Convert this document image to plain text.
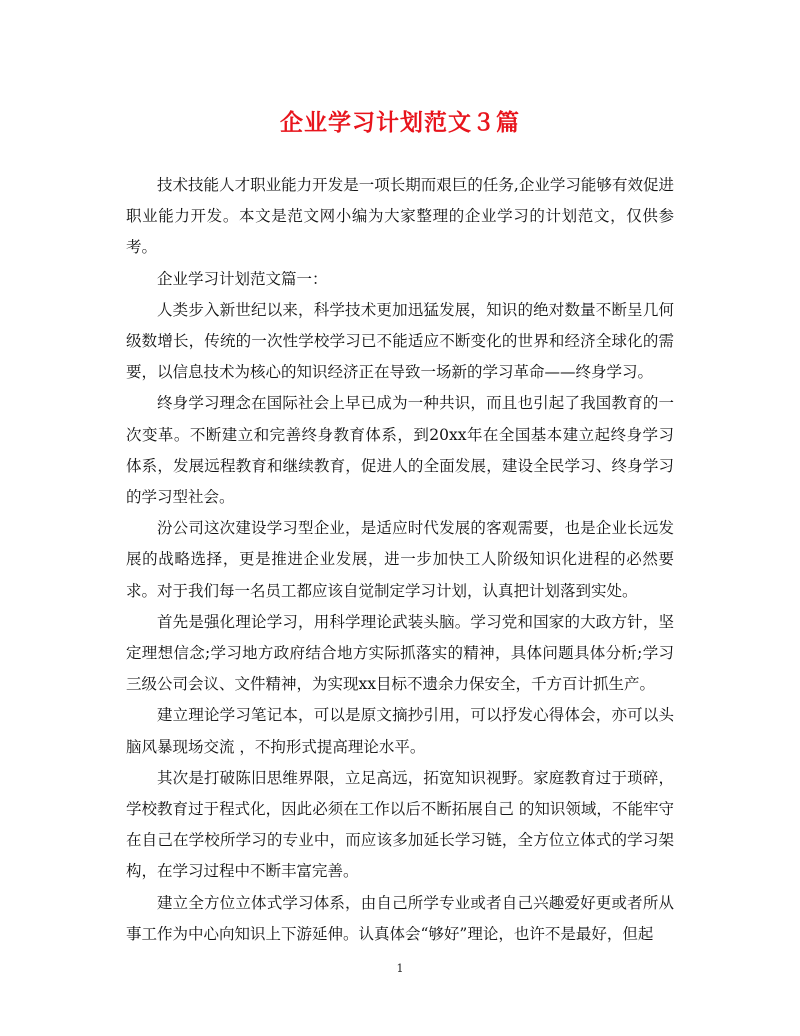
企业学习计划范文３篇

技术技能人才职业能力开发是一项长期而艰巨的任务,企业学习能够有效促进职业能力开发。本文是范文网小编为大家整理的企业学习的计划范文，仅供参考。

企业学习计划范文篇一：

人类步入新世纪以来，科学技术更加迅猛发展，知识的绝对数量不断呈几何级数增长，传统的一次性学校学习已不能适应不断变化的世界和经济全球化的需要，以信息技术为核心的知识经济正在导致一场新的学习革命——终身学习。

终身学习理念在国际社会上早已成为一种共识，而且也引起了我国教育的一次变革。不断建立和完善终身教育体系，到20xx年在全国基本建立起终身学习体系，发展远程教育和继续教育，促进人的全面发展，建设全民学习、终身学习的学习型社会。

汾公司这次建设学习型企业，是适应时代发展的客观需要，也是企业长远发展的战略选择，更是推进企业发展，进一步加快工人阶级知识化进程的必然要求。对于我们每一名员工都应该自觉制定学习计划，认真把计划落到实处。

首先是强化理论学习，用科学理论武装头脑。学习党和国家的大政方针，坚定理想信念;学习地方政府结合地方实际抓落实的精神，具体问题具体分析;学习三级公司会议、文件精神，为实现xx目标不遗余力保安全，千方百计抓生产。

建立理论学习笔记本，可以是原文摘抄引用，可以抒发心得体会，亦可以头脑风暴现场交流 ，不拘形式提高理论水平。

其次是打破陈旧思维界限，立足高远，拓宽知识视野。家庭教育过于琐碎，学校教育过于程式化，因此必须在工作以后不断拓展自己 的知识领域，不能牢守在自己在学校所学习的专业中，而应该多加延长学习链，全方位立体式的学习架构，在学习过程中不断丰富完善。

建立全方位立体式学习体系，由自己所学专业或者自己兴趣爱好更或者所从事工作为中心向知识上下游延伸。认真体会“够好”理论，也许不是最好，但起

1
